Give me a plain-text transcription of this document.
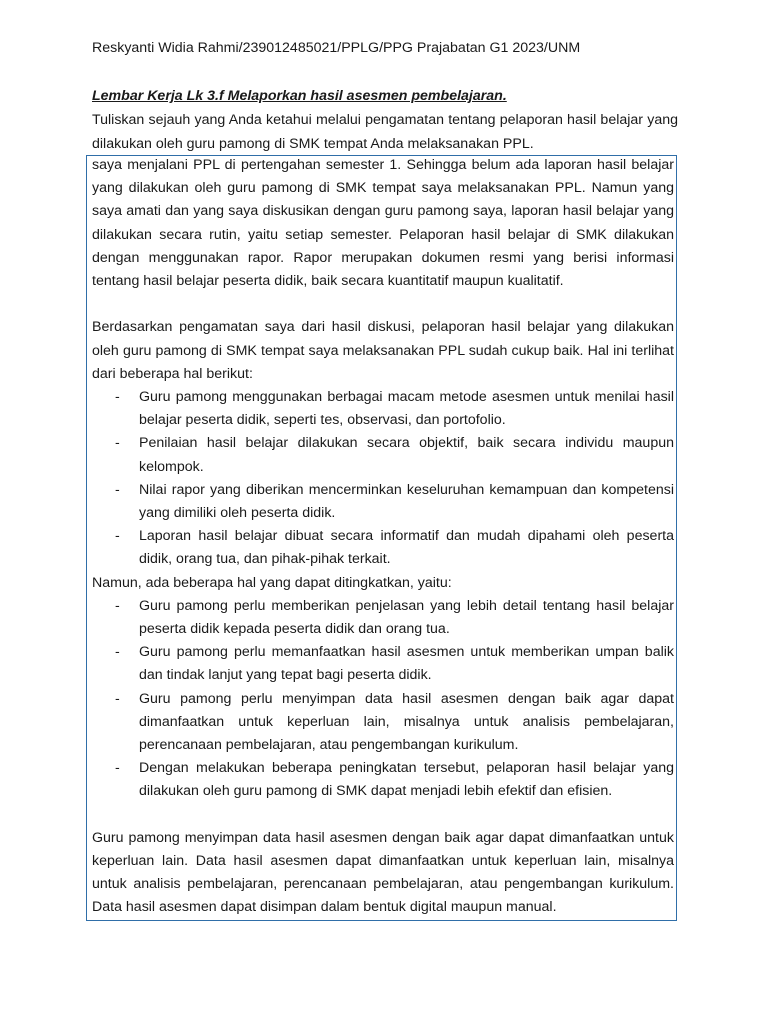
Reskyanti Widia Rahmi/239012485021/PPLG/PPG Prajabatan G1 2023/UNM
Lembar Kerja Lk 3.f Melaporkan hasil asesmen pembelajaran.
Tuliskan sejauh yang Anda ketahui melalui pengamatan tentang pelaporan hasil belajar yang dilakukan oleh guru pamong di SMK tempat Anda melaksanakan PPL.

saya menjalani PPL di pertengahan semester 1. Sehingga belum ada laporan hasil belajar yang dilakukan oleh guru pamong di SMK tempat saya melaksanakan PPL. Namun yang saya amati dan yang saya diskusikan dengan guru pamong saya, laporan hasil belajar yang dilakukan secara rutin, yaitu setiap semester. Pelaporan hasil belajar di SMK dilakukan dengan menggunakan rapor. Rapor merupakan dokumen resmi yang berisi informasi tentang hasil belajar peserta didik, baik secara kuantitatif maupun kualitatif.

Berdasarkan pengamatan saya dari hasil diskusi, pelaporan hasil belajar yang dilakukan oleh guru pamong di SMK tempat saya melaksanakan PPL sudah cukup baik. Hal ini terlihat dari beberapa hal berikut:

- Guru pamong menggunakan berbagai macam metode asesmen untuk menilai hasil belajar peserta didik, seperti tes, observasi, dan portofolio.
- Penilaian hasil belajar dilakukan secara objektif, baik secara individu maupun kelompok.
- Nilai rapor yang diberikan mencerminkan keseluruhan kemampuan dan kompetensi yang dimiliki oleh peserta didik.
- Laporan hasil belajar dibuat secara informatif dan mudah dipahami oleh peserta didik, orang tua, dan pihak-pihak terkait.

Namun, ada beberapa hal yang dapat ditingkatkan, yaitu:

- Guru pamong perlu memberikan penjelasan yang lebih detail tentang hasil belajar peserta didik kepada peserta didik dan orang tua.
- Guru pamong perlu memanfaatkan hasil asesmen untuk memberikan umpan balik dan tindak lanjut yang tepat bagi peserta didik.
- Guru pamong perlu menyimpan data hasil asesmen dengan baik agar dapat dimanfaatkan untuk keperluan lain, misalnya untuk analisis pembelajaran, perencanaan pembelajaran, atau pengembangan kurikulum.
- Dengan melakukan beberapa peningkatan tersebut, pelaporan hasil belajar yang dilakukan oleh guru pamong di SMK dapat menjadi lebih efektif dan efisien.

Guru pamong menyimpan data hasil asesmen dengan baik agar dapat dimanfaatkan untuk keperluan lain. Data hasil asesmen dapat dimanfaatkan untuk keperluan lain, misalnya untuk analisis pembelajaran, perencanaan pembelajaran, atau pengembangan kurikulum. Data hasil asesmen dapat disimpan dalam bentuk digital maupun manual.
